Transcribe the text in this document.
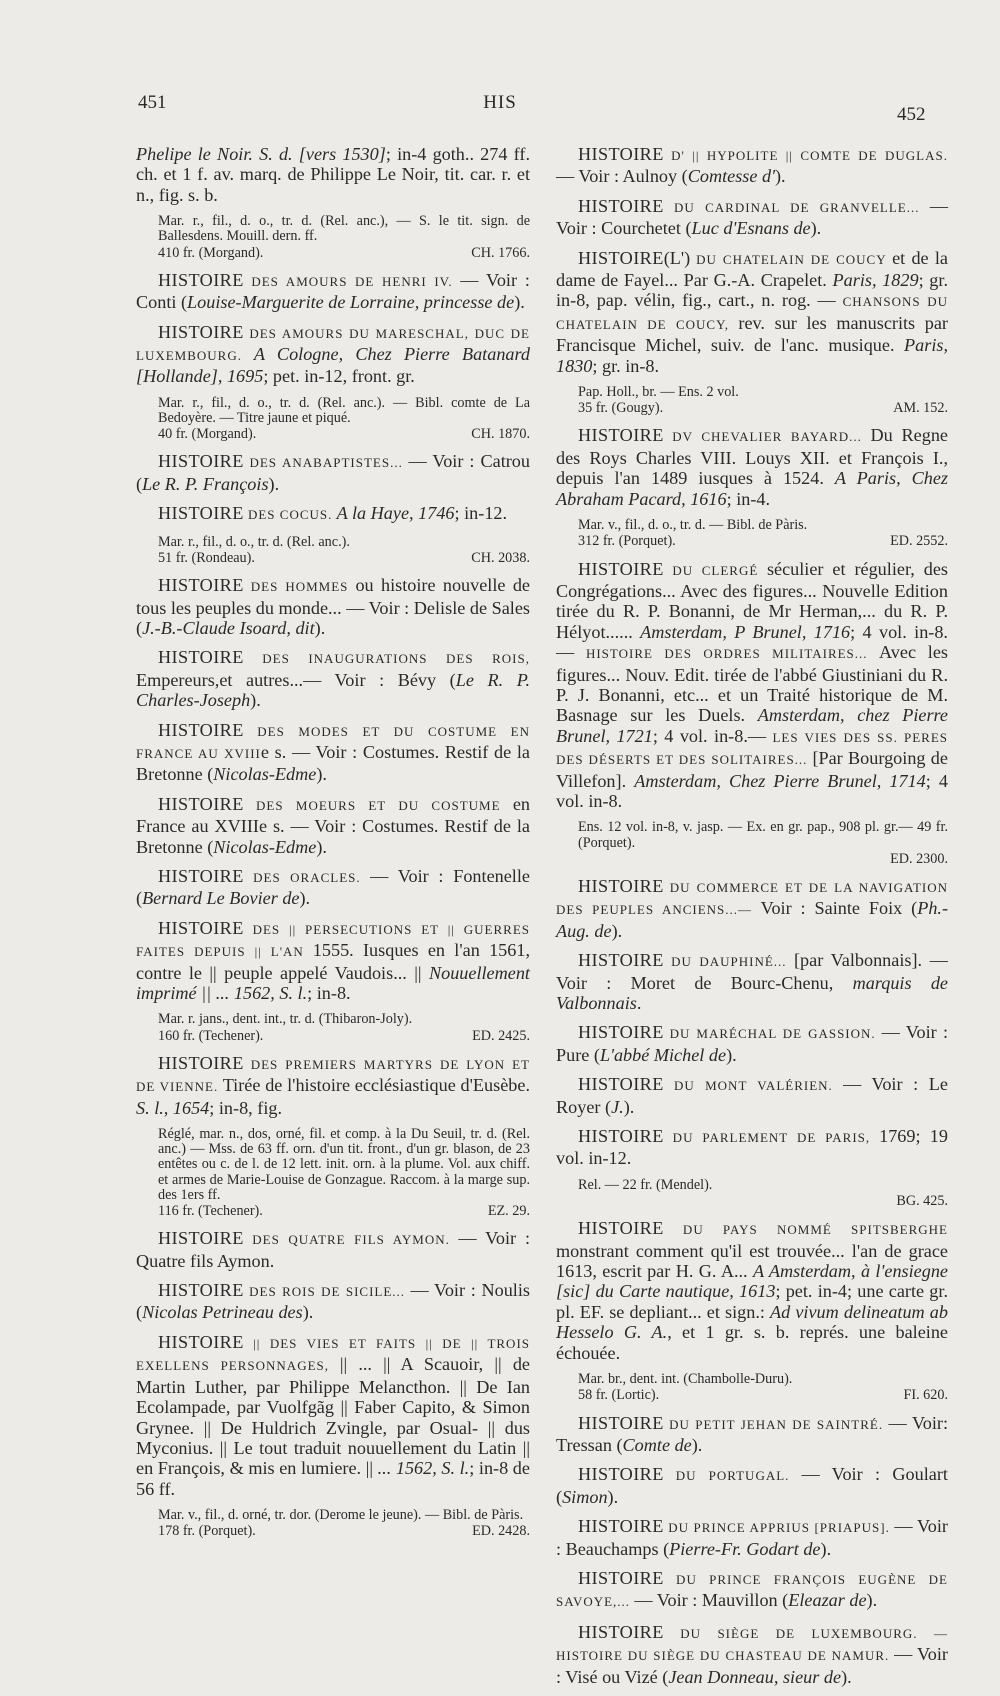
451	HIS
452
Phelipe le Noir. S. d. [vers 1530]; in-4 goth.. 274 ff. ch. et 1 f. av. marq. de Philippe Le Noir, tit. car. r. et n., fig. s. b.
Mar. r., fil., d. o., tr. d. (Rel. anc.), — S. le tit. sign. de Ballesdens. Mouill. dern. ff.
410 fr. (Morgand).	CH. 1766.
HISTOIRE DES AMOURS DE HENRI IV. — Voir : Conti (Louise-Marguerite de Lorraine, princesse de).
HISTOIRE DES AMOURS DU MARESCHAL, DUC DE LUXEMBOURG. A Cologne, Chez Pierre Batanard [Hollande], 1695; pet. in-12, front. gr.
Mar. r., fil., d. o., tr. d. (Rel. anc.). — Bibl. comte de La Bedoyère. — Titre jaune et piqué.
40 fr. (Morgand).	CH. 1870.
HISTOIRE DES ANABAPTISTES... — Voir : Catrou (Le R. P. François).
HISTOIRE DES COCUS. A la Haye, 1746; in-12.
Mar. r., fil., d. o., tr. d. (Rel. anc.).
51 fr. (Rondeau).	CH. 2038.
HISTOIRE DES HOMMES ou histoire nouvelle de tous les peuples du monde... — Voir : Delisle de Sales (J.-B.-Claude Isoard, dit).
HISTOIRE DES INAUGURATIONS DES ROIS, Empereurs,et autres...— Voir : Bévy (Le R. P. Charles-Joseph).
HISTOIRE DES MODES ET DU COSTUME EN FRANCE AU XVIIIe s. — Voir : Costumes. Restif de la Bretonne (Nicolas-Edme).
HISTOIRE DES MOEURS ET DU COSTUME en France au XVIIIe s. — Voir : Costumes. Restif de la Bretonne (Nicolas-Edme).
HISTOIRE DES ORACLES. — Voir : Fontenelle (Bernard Le Bovier de).
HISTOIRE DES || PERSECUTIONS ET || GUERRES FAITES DEPUIS || L'AN 1555. Iusques en l'an 1561, contre le || peuple appelé Vaudois... || Nouuellement imprimé || ... 1562, S. l.; in-8.
Mar. r. jans., dent. int., tr. d. (Thibaron-Joly).
160 fr. (Techener).	ED. 2425.
HISTOIRE DES PREMIERS MARTYRS DE LYON ET DE VIENNE. Tirée de l'histoire ecclésiastique d'Eusèbe. S. l., 1654; in-8, fig.
Réglé, mar. n., dos, orné, fil. et comp. à la Du Seuil, tr. d. (Rel. anc.) — Mss. de 63 ff. orn. d'un tit. front., d'un gr. blason, de 23 entêtes ou c. de l. de 12 lett. init. orn. à la plume. Vol. aux chiff. et armes de Marie-Louise de Gonzague. Raccom. à la marge sup. des 1ers ff.
116 fr. (Techener).	EZ. 29.
HISTOIRE DES QUATRE FILS AYMON. — Voir : Quatre fils Aymon.
HISTOIRE DES ROIS DE SICILE... — Voir : Noulis (Nicolas Petrineau des).
HISTOIRE || DES VIES ET FAITS || DE || TROIS EXELLENS PERSONNAGES, || ... || A Scauoir, || de Martin Luther, par Philippe Melancthon. || De Ian Ecolampade, par Vuolfgãg || Faber Capito, & Simon Grynee. || De Huldrich Zvingle, par Osual- || dus Myconius. || Le tout traduit nouuellement du Latin || en François, & mis en lumiere. || ... 1562, S. l.; in-8 de 56 ff.
Mar. v., fil., d. orné, tr. dor. (Derome le jeune). — Bibl. de Pàris.
178 fr. (Porquet).	ED. 2428.
HISTOIRE D' || HYPOLITE || COMTE DE DUGLAS. — Voir : Aulnoy (Comtesse d').
HISTOIRE DU CARDINAL DE GRANVELLE... — Voir : Courchetet (Luc d'Esnans de).
HISTOIRE(L') DU CHATELAIN DE COUCY et de la dame de Fayel... Par G.-A. Crapelet. Paris, 1829; gr. in-8, pap. vélin, fig., cart., n. rog. — CHANSONS DU CHATELAIN DE COUCY, rev. sur les manuscrits par Francisque Michel, suiv. de l'anc. musique. Paris, 1830; gr. in-8.
Pap. Holl., br. — Ens. 2 vol.
35 fr. (Gougy).	AM. 152.
HISTOIRE DV CHEVALIER BAYARD... Du Regne des Roys Charles VIII. Louys XII. et François I., depuis l'an 1489 iusques à 1524. A Paris, Chez Abraham Pacard, 1616; in-4.
Mar. v., fil., d. o., tr. d. — Bibl. de Pàris.
312 fr. (Porquet).	ED. 2552.
HISTOIRE DU CLERGÉ séculier et régulier, des Congrégations... Avec des figures... Nouvelle Edition tirée du R. P. Bonanni, de Mr Herman,... du R. P. Hélyot...... Amsterdam, P Brunel, 1716; 4 vol. in-8. — HISTOIRE DES ORDRES MILITAIRES... Avec les figures... Nouv. Edit. tirée de l'abbé Giustiniani du R. P. J. Bonanni, etc... et un Traité historique de M. Basnage sur les Duels. Amsterdam, chez Pierre Brunel, 1721; 4 vol. in-8.— LES VIES DES SS. PERES DES DÉSERTS ET DES SOLITAIRES... [Par Bourgoing de Villefon]. Amsterdam, Chez Pierre Brunel, 1714; 4 vol. in-8.
Ens. 12 vol. in-8, v. jasp. — Ex. en gr. pap., 908 pl. gr.— 49 fr. (Porquet).
ED. 2300.
HISTOIRE DU COMMERCE ET DE LA NAVIGATION DES PEUPLES ANCIENS...— Voir : Sainte Foix (Ph.-Aug. de).
HISTOIRE DU DAUPHINÉ... [par Valbonnais]. — Voir : Moret de Bourc-Chenu, marquis de Valbonnais.
HISTOIRE DU MARÉCHAL DE GASSION. — Voir : Pure (L'abbé Michel de).
HISTOIRE DU MONT VALÉRIEN. — Voir : Le Royer (J.).
HISTOIRE DU PARLEMENT DE PARIS, 1769; 19 vol. in-12.
Rel. — 22 fr. (Mendel).
BG. 425.
HISTOIRE DU PAYS NOMMÉ SPITSBERGHE monstrant comment qu'il est trouvée... l'an de grace 1613, escrit par H. G. A... A Amsterdam, à l'ensiegne [sic] du Carte nautique, 1613; pet. in-4; une carte gr. pl. EF. se depliant... et sign.: Ad vivum delineatum ab Hesselo G. A., et 1 gr. s. b. représ. une baleine échouée.
Mar. br., dent. int. (Chambolle-Duru).
58 fr. (Lortic).	FI. 620.
HISTOIRE DU PETIT JEHAN DE SAINTRÉ. — Voir: Tressan (Comte de).
HISTOIRE DU PORTUGAL. — Voir : Goulart (Simon).
HISTOIRE DU PRINCE APPRIUS [PRIAPUS]. — Voir : Beauchamps (Pierre-Fr. Godart de).
HISTOIRE DU PRINCE FRANÇOIS EUGÈNE DE SAVOYE,... — Voir : Mauvillon (Eleazar de).
HISTOIRE DU SIÈGE DE LUXEMBOURG. — HISTOIRE DU SIÈGE DU CHASTEAU DE NAMUR. — Voir : Visé ou Vizé (Jean Donneau, sieur de).
